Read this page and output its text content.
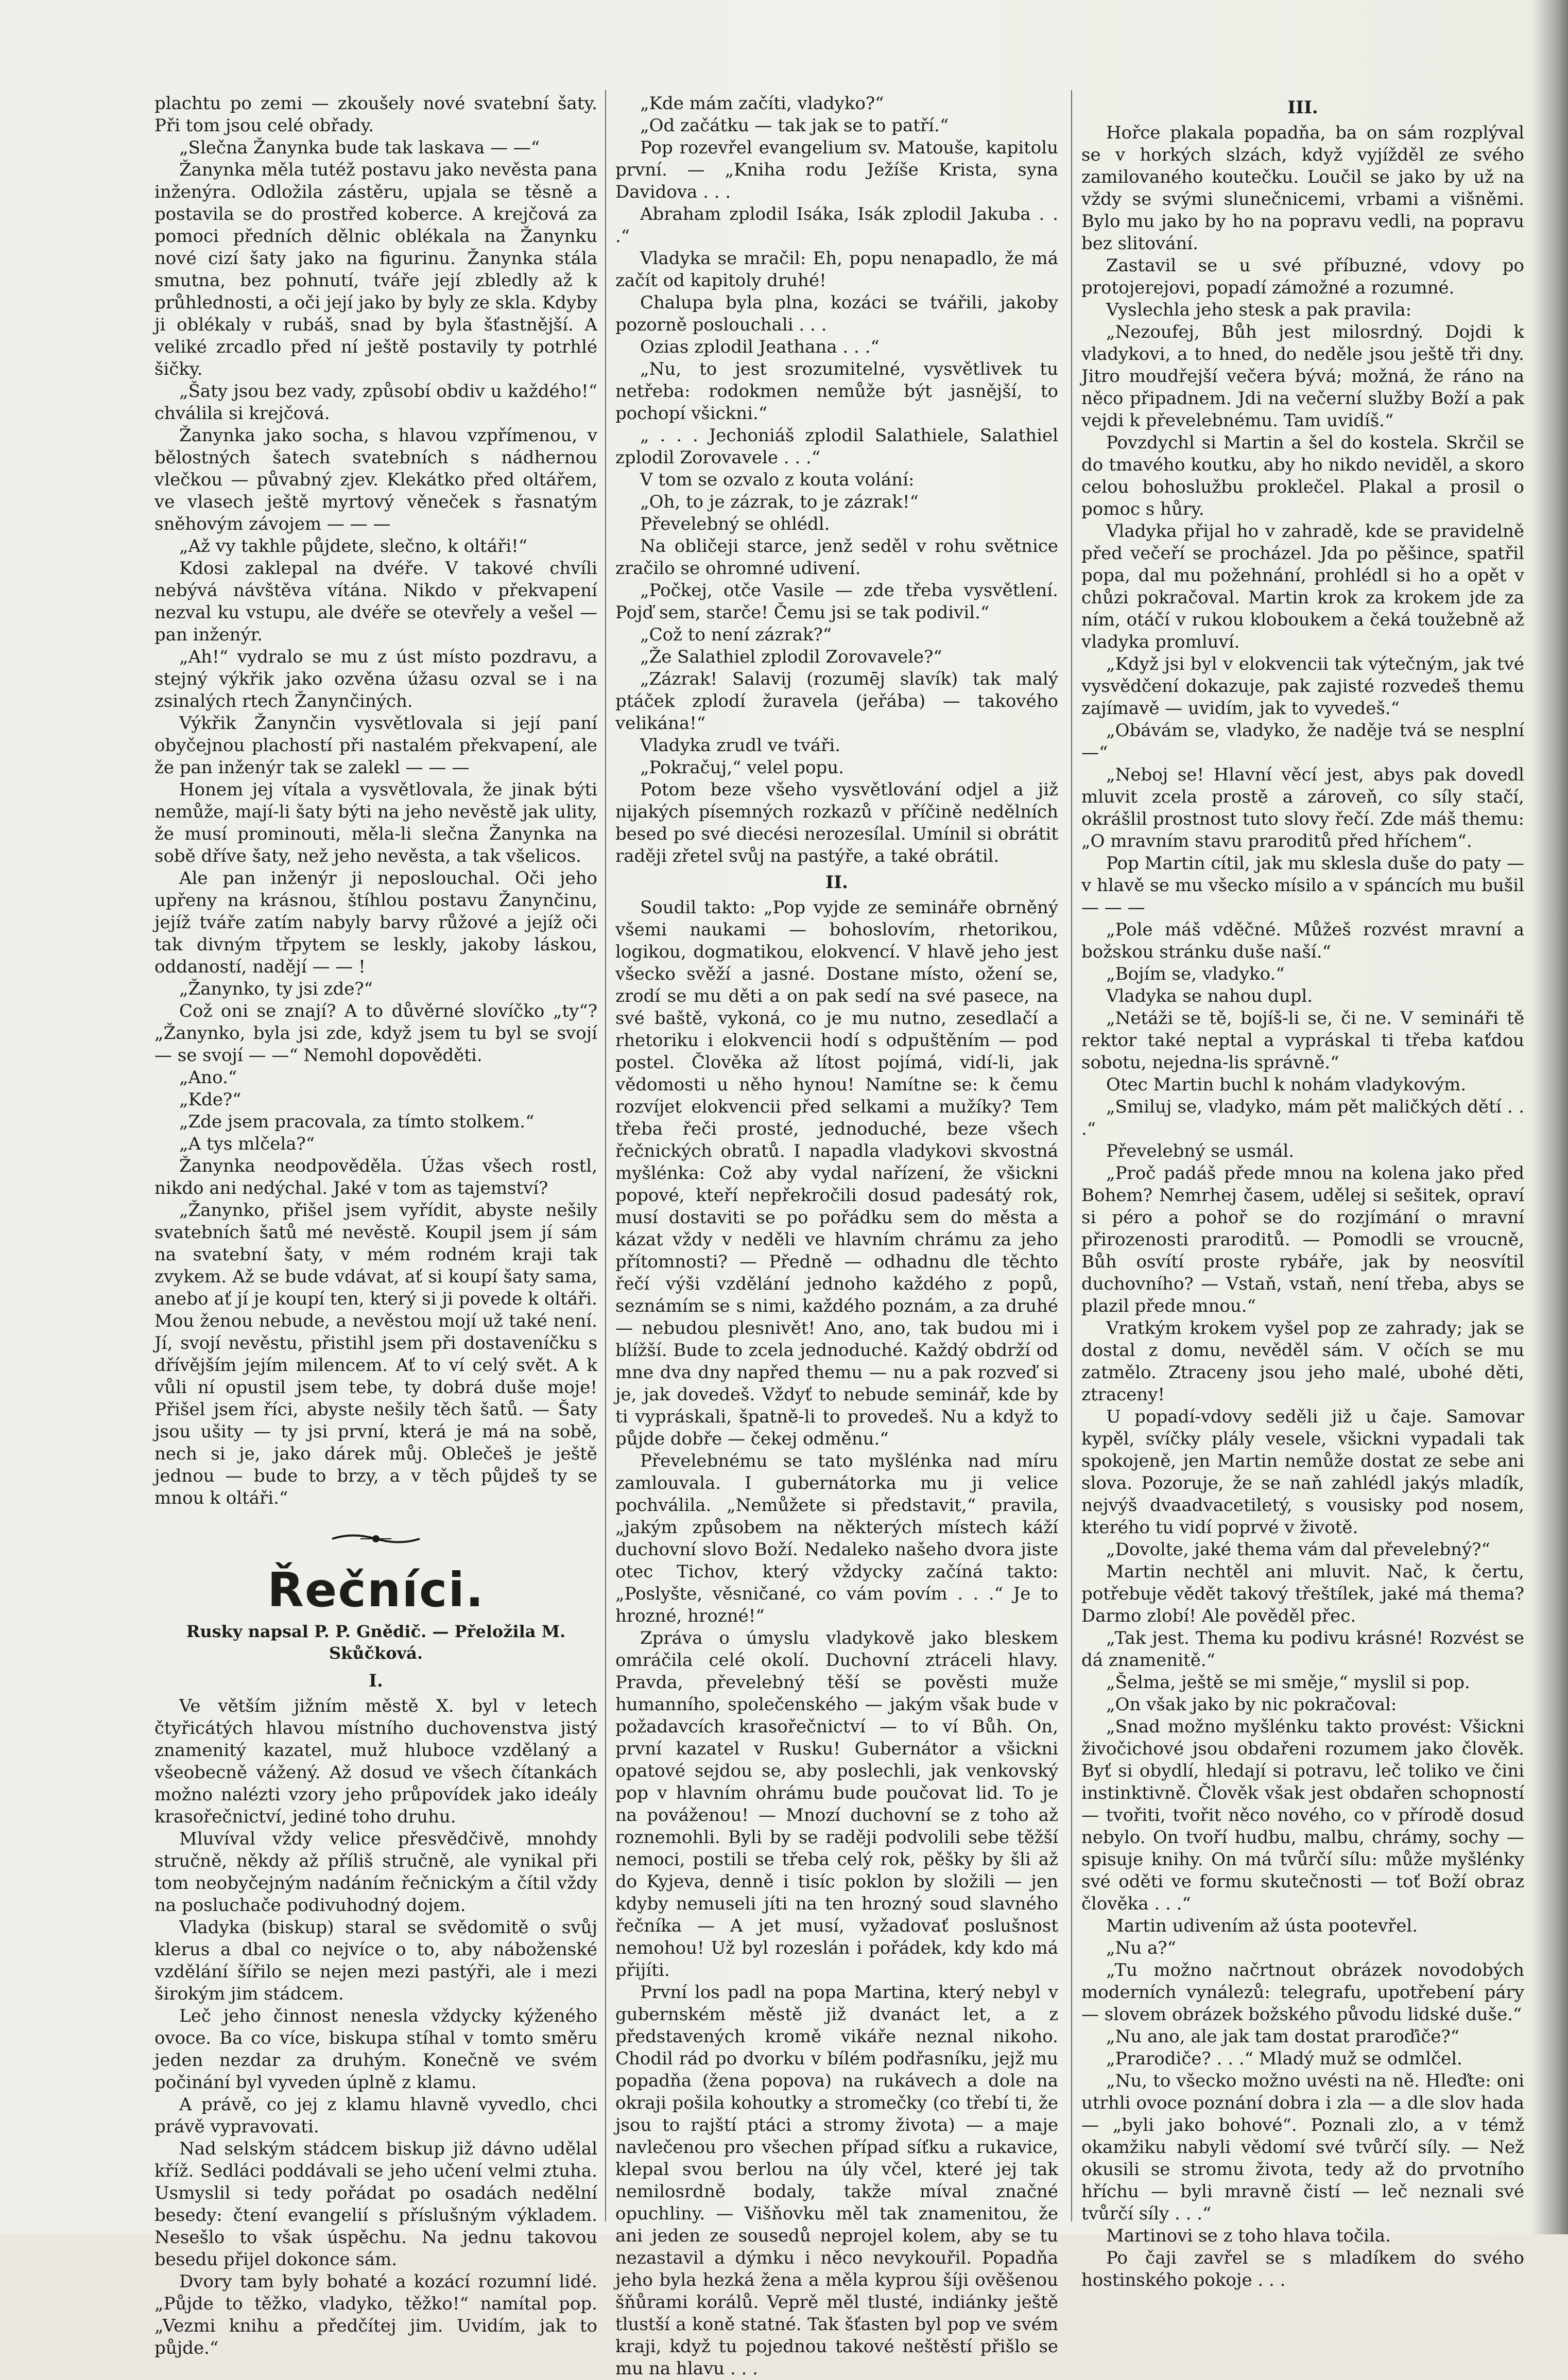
plachtu po zemi — zkoušely nové svatební šaty. Při tom jsou celé obřady.

„Slečna Žanynka bude tak laskava — —“

Žanynka měla tutéž postavu jako nevěsta pana inženýra. Odložila zástěru, upjala se těsně a postavila se do prostřed koberce. A krejčová za pomoci předních dělnic oblékala na Žanynku nové cizí šaty jako na figurinu. Žanynka stála smutna, bez pohnutí, tváře její zbledly až k průhlednosti, a oči její jako by byly ze skla. Kdyby ji oblékaly v rubáš, snad by byla šťastnější. A veliké zrcadlo před ní ještě postavily ty potrhlé šičky.

„Šaty jsou bez vady, způsobí obdiv u každého!“ chválila si krejčová.

Žanynka jako socha, s hlavou vzpřímenou, v bělostných šatech svatebních s nádhernou vlečkou — půvabný zjev. Klekátko před oltářem, ve vlasech ještě myrtový věneček s řasnatým sněhovým závojem — — —

„Až vy takhle půjdete, slečno, k oltáři!“

Kdosi zaklepal na dvéře. V takové chvíli nebývá návštěva vítána. Nikdo v překvapení nezval ku vstupu, ale dvéře se otevřely a vešel — pan inženýr.

„Ah!“ vydralo se mu z úst místo pozdravu, a stejný výkřik jako ozvěna úžasu ozval se i na zsinalých rtech Žanynčiných.

Výkřik Žanynčin vysvětlovala si její paní obyčejnou plachostí při nastalém překvapení, ale že pan inženýr tak se zalekl — — —

Honem jej vítala a vysvětlovala, že jinak býti nemůže, mají-li šaty býti na jeho nevěstě jak ulity, že musí prominouti, měla-li slečna Žanynka na sobě dříve šaty, než jeho nevěsta, a tak všelicos.

Ale pan inženýr ji neposlouchal. Oči jeho upřeny na krásnou, štíhlou postavu Žanynčinu, jejíž tváře zatím nabyly barvy růžové a jejíž oči tak divným třpytem se leskly, jakoby láskou, oddaností, nadějí — — !

„Žanynko, ty jsi zde?“

Což oni se znají? A to důvěrné slovíčko „ty“? „Žanynko, byla jsi zde, když jsem tu byl se svojí — se svojí — —“ Nemohl dopověděti.

„Ano.“

„Kde?“

„Zde jsem pracovala, za tímto stolkem.“

„A tys mlčela?“

Žanynka neodpověděla. Úžas všech rostl, nikdo ani nedýchal. Jaké v tom as tajemství?

„Žanynko, přišel jsem vyřídit, abyste nešily svatebních šatů mé nevěstě. Koupil jsem jí sám na svatební šaty, v mém rodném kraji tak zvykem. Až se bude vdávat, ať si koupí šaty sama, anebo ať jí je koupí ten, který si ji povede k oltáři. Mou ženou nebude, a nevěstou mojí už také není. Jí, svojí nevěstu, přistihl jsem při dostaveníčku s dřívějším jejím milencem. Ať to ví celý svět. A k vůli ní opustil jsem tebe, ty dobrá duše moje! Přišel jsem říci, abyste nešily těch šatů. — Šaty jsou ušity — ty jsi první, která je má na sobě, nech si je, jako dárek můj. Oblečeš je ještě jednou — bude to brzy, a v těch půjdeš ty se mnou k oltáři.“

Řečníci.
Rusky napsal P. P. Gnědič. — Přeložila M. Skůčková.
I.

Ve větším jižním městě X. byl v letech čtyřicátých hlavou místního duchovenstva jistý znamenitý kazatel, muž hluboce vzdělaný a všeobecně vážený. Až dosud ve všech čítankách možno nalézti vzory jeho průpovídek jako ideály krasořečnictví, jediné toho druhu.

Mluvíval vždy velice přesvědčivě, mnohdy stručně, někdy až příliš stručně, ale vynikal při tom neobyčejným nadáním řečnickým a čítil vždy na posluchače podivuhodný dojem.

Vladyka (biskup) staral se svědomitě o svůj klerus a dbal co nejvíce o to, aby náboženské vzdělání šířilo se nejen mezi pastýři, ale i mezi širokým jim stádcem.

Leč jeho činnost nenesla vždycky kýženého ovoce. Ba co více, biskupa stíhal v tomto směru jeden nezdar za druhým. Konečně ve svém počinání byl vyveden úplně z klamu.

A právě, co jej z klamu hlavně vyvedlo, chci právě vypravovati.

Nad selským stádcem biskup již dávno udělal kříž. Sedláci poddávali se jeho učení velmi ztuha. Usmyslil si tedy pořádat po osadách nedělní besedy: čtení evangelií s příslušným výkladem. Nesešlo to však úspěchu. Na jednu takovou besedu přijel dokonce sám.

Dvory tam byly bohaté a kozácí rozumní lidé. „Půjde to těžko, vladyko, těžko!“ namítal pop. „Vezmi knihu a předčítej jim. Uvidím, jak to půjde.“

„Kde mám začíti, vladyko?“

„Od začátku — tak jak se to patří.“

Pop rozevřel evangelium sv. Matouše, kapitolu první. — „Kniha rodu Ježíše Krista, syna Davidova . . .

Abraham zplodil Isáka, Isák zplodil Jakuba . . .“

Vladyka se mračil: Eh, popu nenapadlo, že má začít od kapitoly druhé!

Chalupa byla plna, kozáci se tvářili, jakoby pozorně poslouchali . . .

Ozias zplodil Jeathana . . .“

„Nu, to jest srozumitelné, vysvětlivek tu netřeba: rodokmen nemůže být jasnější, to pochopí všickni.“

„ . . . Jechoniáš zplodil Salathiele, Salathiel zplodil Zorovavele . . .“

V tom se ozvalo z kouta volání:

„Oh, to je zázrak, to je zázrak!“

Převelebný se ohlédl.

Na obličeji starce, jenž seděl v rohu světnice zračilo se ohromné udivení.

„Počkej, otče Vasile — zde třeba vysvětlení. Pojď sem, starče! Čemu jsi se tak podivil.“

„Což to není zázrak?“

„Že Salathiel zplodil Zorovavele?“

„Zázrak! Salavij (rozumēj slavík) tak malý ptáček zplodí žuravela (jeřába) — takového velikána!“

Vladyka zrudl ve tváři.

„Pokračuj,“ velel popu.

Potom beze všeho vysvětlování odjel a již nijakých písemných rozkazů v příčině nedělních besed po své diecési nerozesílal. Umínil si obrátit raději zřetel svůj na pastýře, a také obrátil.

II.

Soudil takto: „Pop vyjde ze semináře obrněný všemi naukami — bohoslovím, rhetorikou, logikou, dogmatikou, elokvencí. V hlavě jeho jest všecko svěží a jasné. Dostane místo, ožení se, zrodí se mu děti a on pak sedí na své pasece, na své baště, vykoná, co je mu nutno, zesedlačí a rhetoriku i elokvencii hodí s odpuštěním — pod postel. Člověka až lítost pojímá, vidí-li, jak vědomosti u něho hynou! Namítne se: k čemu rozvíjet elokvencii před selkami a mužíky? Tem třeba řeči prosté, jednoduché, beze všech řečnických obratů. I napadla vladykovi skvostná myšlénka: Což aby vydal nařízení, že všickni popové, kteří nepřekročili dosud padesátý rok, musí dostaviti se po pořádku sem do města a kázat vždy v neděli ve hlavním chrámu za jeho přítomnosti? — Předně — odhadnu dle těchto řečí výši vzdělání jednoho každého z popů, seznámím se s nimi, každého poznám, a za druhé — nebudou plesnivět! Ano, ano, tak budou mi i blížší. Bude to zcela jednoduché. Každý obdrží od mne dva dny napřed themu — nu a pak rozveď si je, jak dovedeš. Vždyť to nebude seminář, kde by ti vypráskali, špatně-li to provedeš. Nu a když to půjde dobře — čekej odměnu.“

Převelebnému se tato myšlénka nad míru zamlouvala. I gubernátorka mu ji velice pochválila. „Nemůžete si představit,“ pravila, „jakým způsobem na některých místech káží duchovní slovo Boží. Nedaleko našeho dvora jiste otec Tichov, který vždycky začíná takto: „Poslyšte, věsničané, co vám povím . . .“ Je to hrozné, hrozné!“

Zpráva o úmyslu vladykově jako bleskem omráčila celé okolí. Duchovní ztráceli hlavy. Pravda, převelebný těší se pověsti muže humanního, společenského — jakým však bude v požadavcích krasořečnictví — to ví Bůh. On, první kazatel v Rusku! Gubernátor a všickni opatové sejdou se, aby poslechli, jak venkovský pop v hlavním ohrámu bude poučovat lid. To je na pováženou! — Mnozí duchovní se z toho až roznemohli. Byli by se raději podvolili sebe těžší nemoci, postili se třeba celý rok, pěšky by šli až do Kyjeva, denně i tisíc poklon by složili — jen kdyby nemuseli jíti na ten hrozný soud slavného řečníka — A jet musí, vyžadovať poslušnost nemohou! Už byl rozeslán i pořádek, kdy kdo má přijíti.

První los padl na popa Martina, který nebyl v gubernském městě již dvanáct let, a z představených kromě vikáře neznal nikoho. Chodil rád po dvorku v bílém podřasníku, jejž mu popadňa (žena popova) na rukávech a dole na okraji pošila kohoutky a stromečky (co třebí ti, že jsou to rajští ptáci a stromy života) — a maje navlečenou pro všechen případ síťku a rukavice, klepal svou berlou na úly včel, které jej tak nemilosrdně bodaly, takže míval značné opuchliny. — Višňovku měl tak znamenitou, že ani jeden ze sousedů neprojel kolem, aby se tu nezastavil a dýmku i něco nevykouřil. Popadňa jeho byla hezká žena a měla kyprou šíji ověšenou šňůrami korálů. Veprě měl tlusté, indiánky ještě tlustší a koně statné. Tak šťasten byl pop ve svém kraji, když tu pojednou takové neštěstí přišlo se mu na hlavu . . .

III.

Hořce plakala popadňa, ba on sám rozplýval se v horkých slzách, když vyjížděl ze svého zamilovaného koutečku. Loučil se jako by už na vždy se svými slunečnicemi, vrbami a višněmi. Bylo mu jako by ho na popravu vedli, na popravu bez slitování.

Zastavil se u své příbuzné, vdovy po protojerejovi, popadí zámožné a rozumné.

Vyslechla jeho stesk a pak pravila:

„Nezoufej, Bůh jest milosrdný. Dojdi k vladykovi, a to hned, do neděle jsou ještě tři dny. Jitro moudřejší večera bývá; možná, že ráno na něco připadnem. Jdi na večerní služby Boží a pak vejdi k převelebnému. Tam uvidíš.“

Povzdychl si Martin a šel do kostela. Skrčil se do tmavého koutku, aby ho nikdo neviděl, a skoro celou bohoslužbu proklečel. Plakal a prosil o pomoc s hůry.

Vladyka přijal ho v zahradě, kde se pravidelně před večeří se procházel. Jda po pěšince, spatřil popa, dal mu požehnání, prohlédl si ho a opět v chůzi pokračoval. Martin krok za krokem jde za ním, otáčí v rukou kloboukem a čeká toužebně až vladyka promluví.

„Když jsi byl v elokvencii tak výtečným, jak tvé vysvědčení dokazuje, pak zajisté rozvedeš themu zajímavě — uvidím, jak to vyvedeš.“

„Obávám se, vladyko, že naděje tvá se nesplní —“

„Neboj se! Hlavní věcí jest, abys pak dovedl mluvit zcela prostě a zároveň, co síly stačí, okrášlil prostnost tuto slovy řečí. Zde máš themu: „O mravním stavu praroditů před hříchem“.

Pop Martin cítil, jak mu sklesla duše do paty — v hlavě se mu všecko mísilo a v spáncích mu bušil — — —

„Pole máš vděčné. Můžeš rozvést mravní a božskou stránku duše naší.“

„Bojím se, vladyko.“

Vladyka se nahou dupl.

„Netáži se tě, bojíš-li se, či ne. V semináři tě rektor také neptal a vypráskal ti třeba kaťdou sobotu, nejedna-lis správně.“

Otec Martin buchl k nohám vladykovým.

„Smiluj se, vladyko, mám pět maličkých dětí . . .“

Převelebný se usmál.

„Proč padáš přede mnou na kolena jako před Bohem? Nemrhej časem, udělej si sešitek, opraví si péro a pohoř se do rozjímání o mravní přirozenosti praroditů. — Pomodli se vroucně, Bůh osvítí proste rybáře, jak by neosvítil duchovního? — Vstaň, vstaň, není třeba, abys se plazil přede mnou.“

Vratkým krokem vyšel pop ze zahrady; jak se dostal z domu, nevěděl sám. V očích se mu zatmělo. Ztraceny jsou jeho malé, ubohé děti, ztraceny!

U popadí-vdovy seděli již u čaje. Samovar kypěl, svíčky plály vesele, všickni vypadali tak spokojeně, jen Martin nemůže dostat ze sebe ani slova. Pozoruje, že se naň zahlédl jakýs mladík, nejvýš dvaadvacetiletý, s vousisky pod nosem, kterého tu vidí poprvé v životě.

„Dovolte, jaké thema vám dal převelebný?“

Martin nechtěl ani mluvit. Nač, k čertu, potřebuje vědět takový třeštílek, jaké má thema? Darmo zlobí! Ale pověděl přec.

„Tak jest. Thema ku podivu krásné! Rozvést se dá znamenitě.“

„Šelma, ještě se mi směje,“ myslil si pop.

„On však jako by nic pokračoval:

„Snad možno myšlénku takto provést: Všickni živočichové jsou obdařeni rozumem jako člověk. Byť si obydlí, hledají si potravu, leč toliko ve čini instinktivně. Člověk však jest obdařen schopností — tvořiti, tvořit něco nového, co v přírodě dosud nebylo. On tvoří hudbu, malbu, chrámy, sochy — spisuje knihy. On má tvůrčí sílu: může myšlénky své oděti ve formu skutečnosti — toť Boží obraz člověka . . .“

Martin udivením až ústa pootevřel.

„Nu a?“

„Tu možno načrtnout obrázek novodobých moderních vynálezů: telegrafu, upotřebení páry — slovem obrázek božského původu lidské duše.“

„Nu ano, ale jak tam dostat praroďiče?“

„Prarodiče? . . .“ Mladý muž se odmlčel.

„Nu, to všecko možno uvésti na ně. Hleďte: oni utrhli ovoce poznání dobra i zla — a dle slov hada — „byli jako bohové“. Poznali zlo, a v témž okamžiku nabyli vědomí své tvůrčí síly. — Než okusili se stromu života, tedy až do prvotního hříchu — byli mravně čistí — leč neznali své tvůrčí síly . . .“

Martinovi se z toho hlava točila.

Po čaji zavřel se s mladíkem do svého hostinského pokoje . . .
